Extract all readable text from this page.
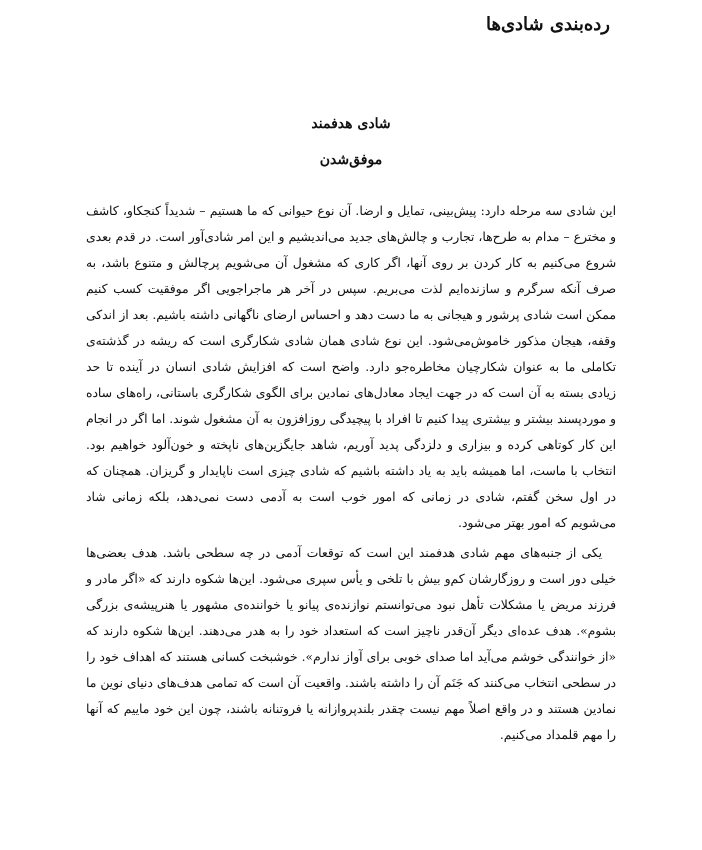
رده‌بندی شادی‌ها
شادی هدفمند
موفق‌شدن

این شادی سه مرحله دارد: پیش‌بینی، تمایل و ارضا. آن نوع حیوانی که ما هستیم – شدیداً کنجکاو، کاشف و مخترع – مدام به طرح‌ها، تجارب و چالش‌های جدید می‌اندیشیم و این امر شادی‌آور است. در قدم بعدی شروع می‌کنیم به کار کردن بر روی آنها، اگر کاری که مشغول آن می‌شویم پرچالش و متنوع باشد، به صرف آنکه سرگرم و سازنده‌ایم لذت می‌بریم. سپس در آخر هر ماجراجویی اگر موفقیت کسب کنیم ممکن است شادی پرشور و هیجانی به ما دست دهد و احساس ارضای ناگهانی داشته باشیم. بعد از اندکی وقفه، هیجان مذکور خاموش‌می‌شود. این نوع شادی همان شادی شکارگری است که ریشه در گذشته‌ی تکاملی ما به عنوان شکارچیان مخاطره‌جو دارد. واضح است که افزایش شادی انسان در آینده تا حد زیادی بسته به آن است که در جهت ایجاد معادل‌های نمادین برای الگوی شکارگری باستانی، راه‌های ساده و موردپسند بیشتر و بیشتری پیدا کنیم تا افراد با پیچیدگی روزافزون به آن مشغول شوند. اما اگر در انجام این کار کوتاهی کرده و بیزاری و دلزدگی پدید آوریم، شاهد جایگزین‌های ناپخته و خون‌آلود خواهیم بود. انتخاب با ماست، اما همیشه باید به یاد داشته باشیم که شادی چیزی است ناپایدار و گریزان. همچنان که در اول سخن گفتم، شادی در زمانی که امور خوب است به آدمی دست نمی‌دهد، بلکه زمانی شاد می‌شویم که امور بهتر می‌شود.

یکی از جنبه‌های مهم شادی هدفمند این است که توقعات آدمی در چه سطحی باشد. هدف بعضی‌ها خیلی دور است و روزگارشان کم‌و بیش با تلخی و یأس سپری می‌شود. این‌ها شکوه دارند که «اگر مادر و فرزند مریض یا مشکلات تأهل نبود می‌توانستم نوازنده‌ی پیانو یا خواننده‌ی مشهور یا هنرپیشه‌ی بزرگی بشوم». هدف عده‌ای دیگر آن‌قدر ناچیز است که استعداد خود را به هدر می‌دهند. این‌ها شکوه دارند که «از خوانندگی خوشم می‌آید اما صدای خوبی برای آواز ندارم». خوشبخت کسانی هستند که اهداف خود را در سطحی انتخاب می‌کنند که جَنَم آن را داشته باشند. واقعیت آن است که تمامی هدف‌های دنیای نوین ما نمادین هستند و در واقع اصلاً مهم نیست چقدر بلندپروازانه یا فروتنانه باشند، چون این خود ماییم که آنها را مهم قلمداد می‌کنیم.
